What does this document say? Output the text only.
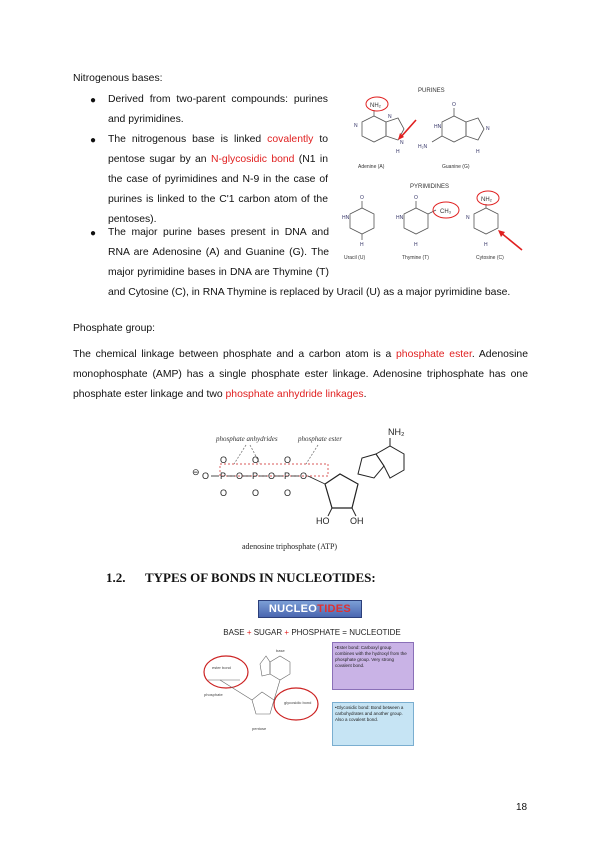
Nitrogenous bases:
● Derived from two-parent compounds: purines and pyrimidines.
● The nitrogenous base is linked covalently to pentose sugar by an N-glycosidic bond (N1 in the case of pyrimidines and N-9 in the case of purines is linked to the C'1 carbon atom of the pentoses).
● The major purine bases present in DNA and RNA are Adenosine (A) and Guanine (G). The major pyrimidine bases in DNA are Thymine (T) and Cytosine (C), in RNA Thymine is replaced by Uracil (U) as a major pyrimidine base.
PURINES
PYRIMIDINES
NH₂
N
N
N
H
Adenine (A)
O
HN
H₂N
N
H
Guanine (G)
O
HN
H
Uracil (U)
CH₃
O
HN
H
Thymine (T)
NH₂
N
H
Cytosine (C)
Phosphate group:
The chemical linkage between phosphate and a carbon atom is a phosphate ester. Adenosine monophosphate (AMP) has a single phosphate ester linkage. Adenosine triphosphate has one phosphate ester linkage and two phosphate anhydride linkages.
phosphate anhydrides	phosphate ester
⊖ O P O P O P O
O	O	O
O	O	O
HO OH
NH₂
adenosine triphosphate (ATP)
1.2. TYPES OF BONDS IN NUCLEOTIDES:
NUCLEOTIDES
BASE + SUGAR + PHOSPHATE = NUCLEOTIDE
ester bond
glycosidic bond
phosphate
pentose
base
•Ester bond: Carboxyl group combines with the hydroxyl from the phosphate group. Very strong covalent bond.
•Glycosidic bond: Bond between a carbohydrates and another group. Also a covalent bond.
18
